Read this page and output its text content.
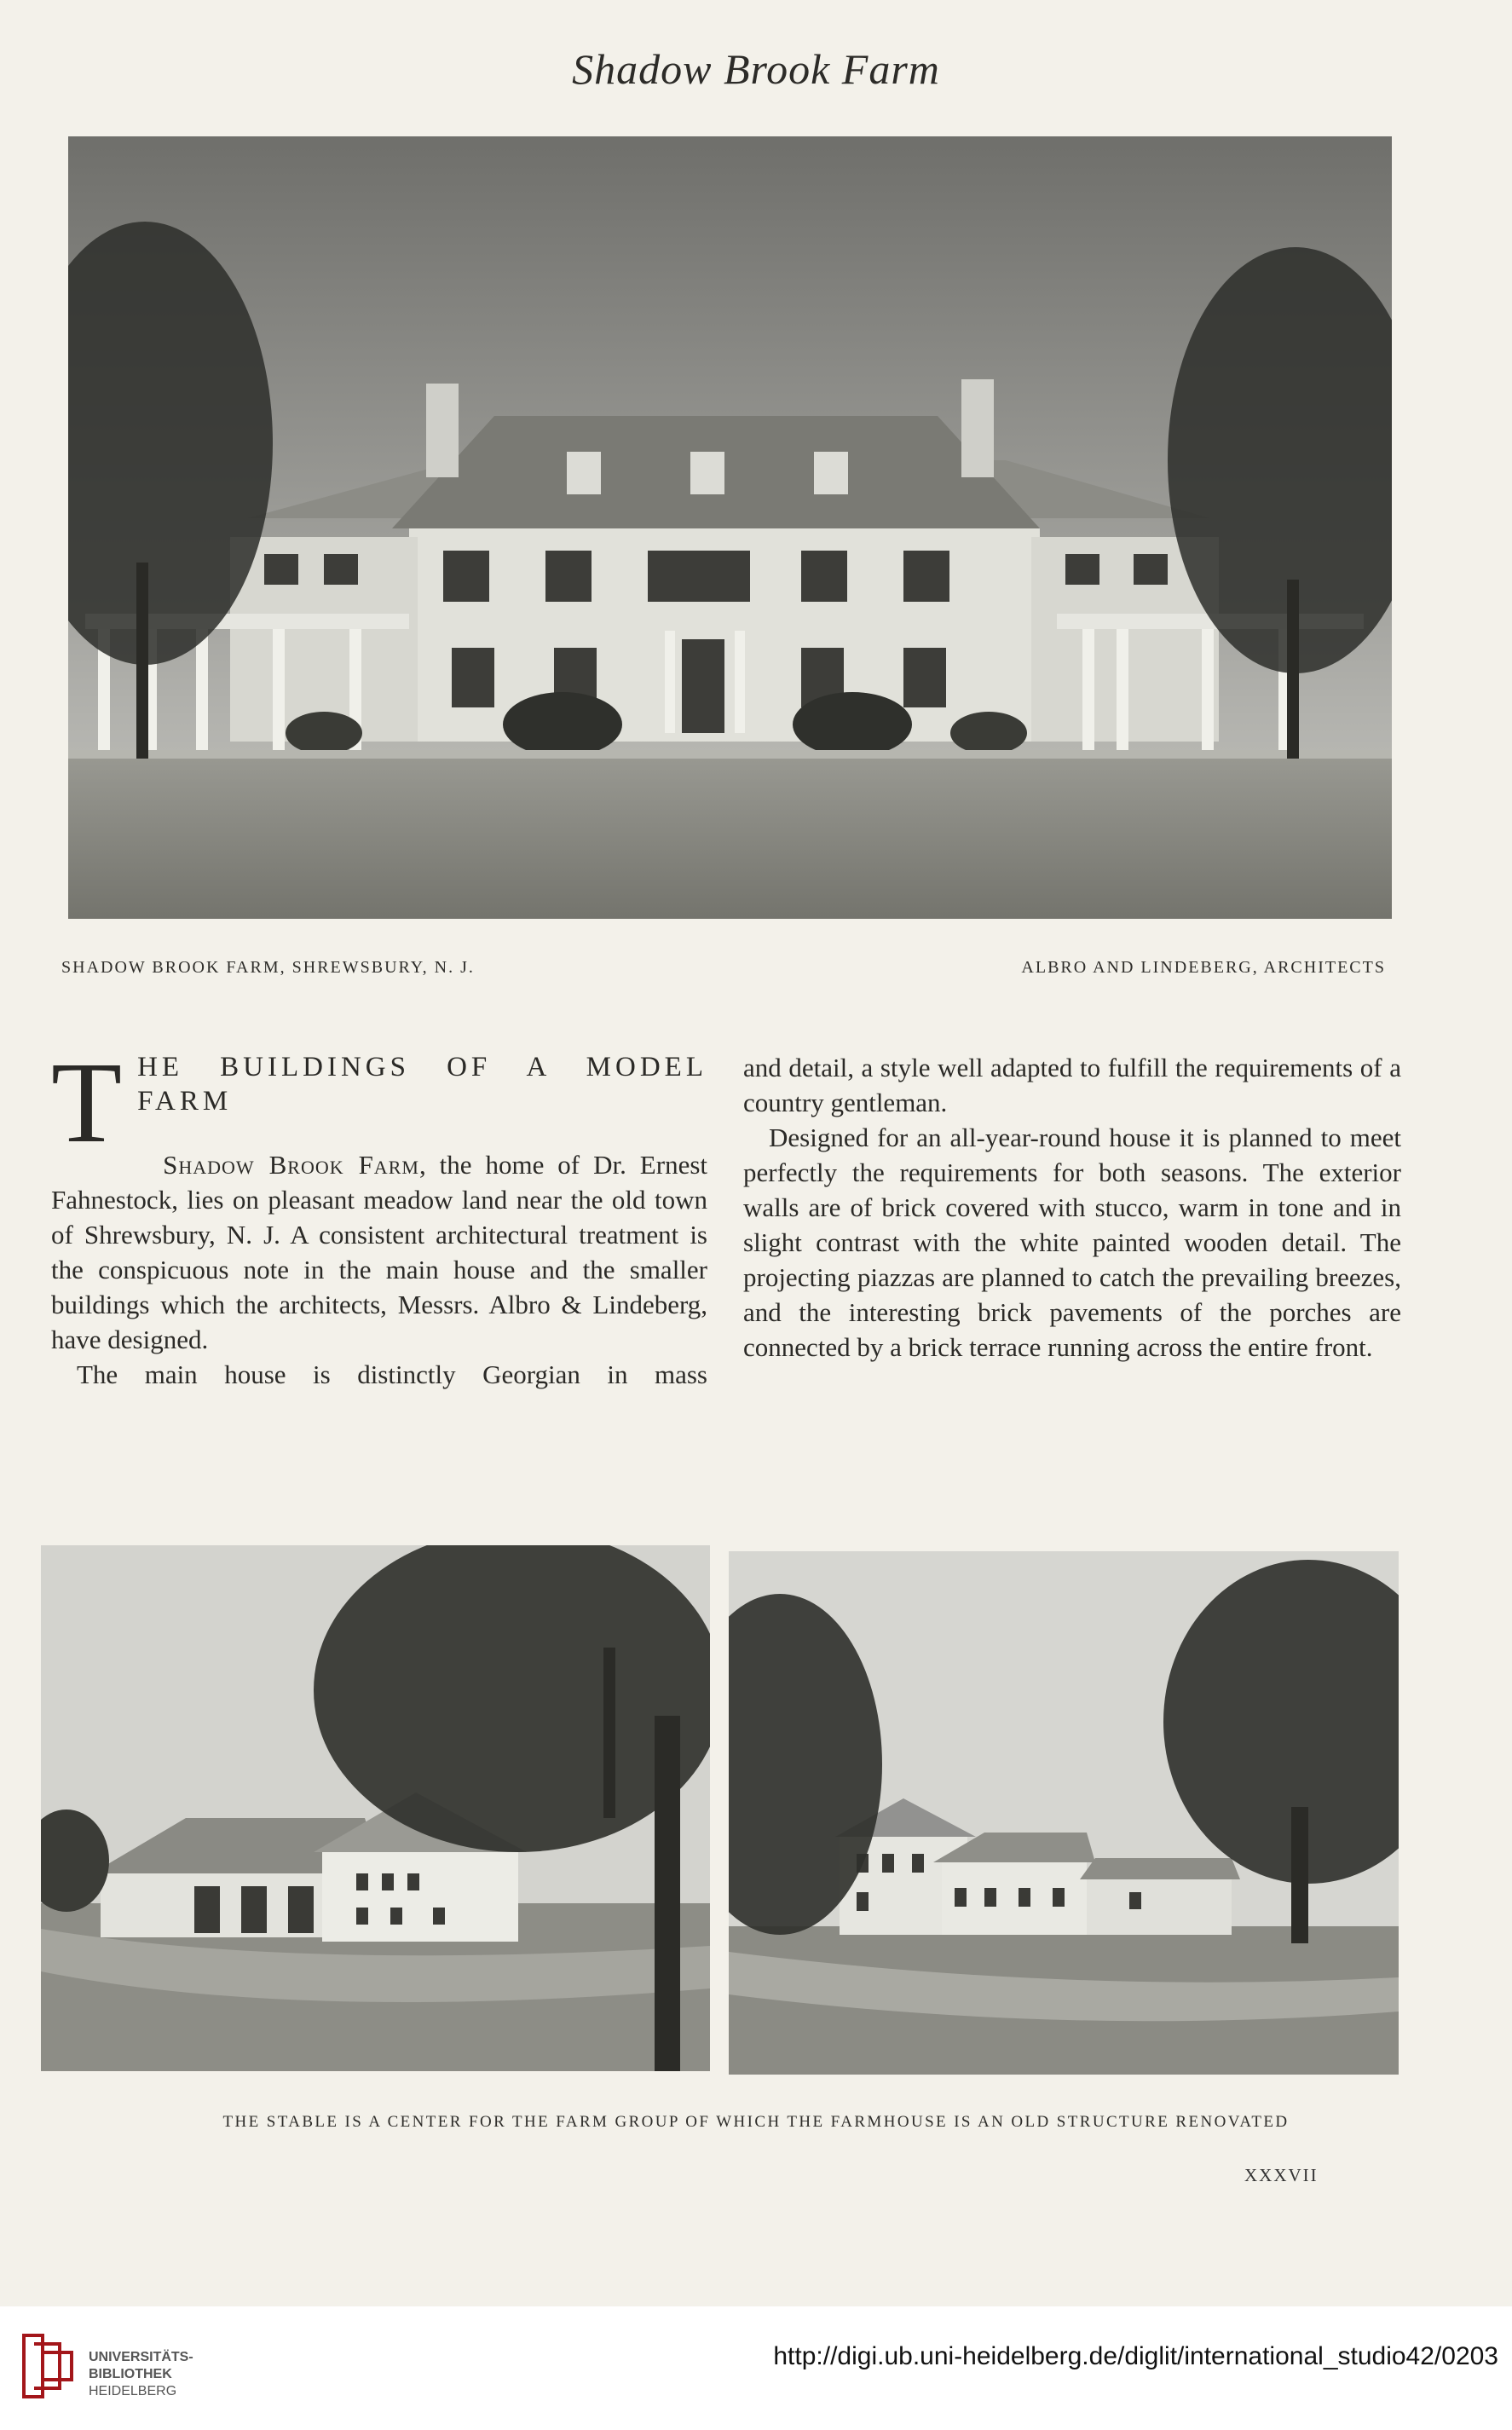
Shadow Brook Farm
SHADOW BROOK FARM, SHREWSBURY, N. J.	ALBRO AND LINDEBERG, ARCHITECTS
T HE BUILDINGS OF A MODEL FARM

Shadow Brook Farm, the home of Dr. Ernest Fahnestock, lies on pleasant meadow land near the old town of Shrewsbury, N. J. A consistent architectural treatment is the conspicuous note in the main house and the smaller buildings which the architects, Messrs. Albro & Lindeberg, have designed.

The main house is distinctly Georgian in mass

and detail, a style well adapted to fulfill the requirements of a country gentleman.

Designed for an all-year-round house it is planned to meet perfectly the requirements for both seasons. The exterior walls are of brick covered with stucco, warm in tone and in slight contrast with the white painted wooden detail. The projecting piazzas are planned to catch the prevailing breezes, and the interesting brick pavements of the porches are connected by a brick terrace running across the entire front.

THE STABLE IS A CENTER FOR THE FARM GROUP OF WHICH THE FARMHOUSE IS AN OLD STRUCTURE RENOVATED
XXXVII
UNIVERSITÄTS-
BIBLIOTHEK
HEIDELBERG
http://digi.ub.uni-heidelberg.de/diglit/international_studio42/0203
